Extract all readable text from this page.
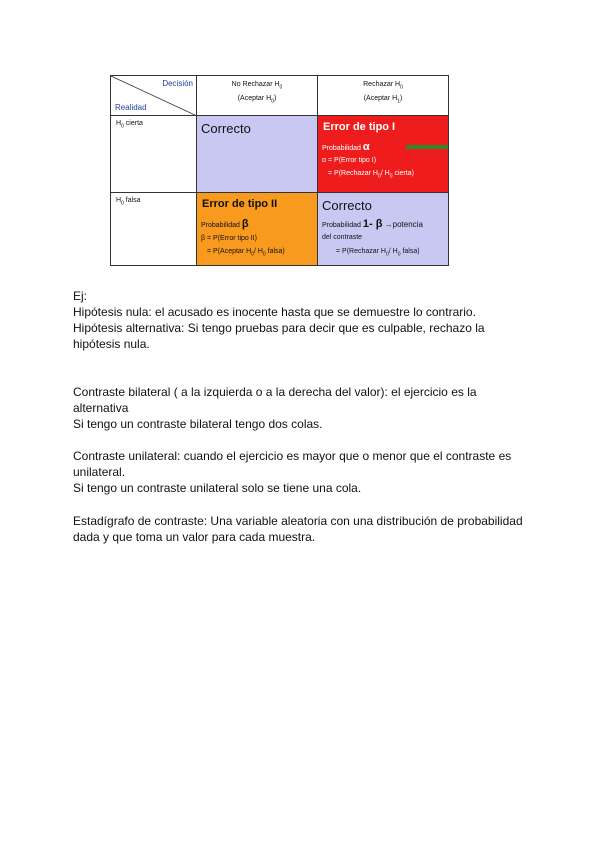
Decisión
Realidad
No Rechazar $H_0$
(Aceptar $H_0$)
Rechazar $H_0$
(Aceptar $H_1$)
$H_0$ cierta
$H_0$ falsa
Correcto	Error de tipo I
Probabilidad α
α = P(Error tipo I)
= P(Rechazar $H_0/$ $H_0$ cierta)
Error de tipo II
Probabilidad β
β = P(Error tipo II)
= P(Aceptar $H_0/$ $H_0$ falsa)
Correcto
Probabilidad 1- β →potencia
del contraste
= P(Rechazar $H_0/$ $H_0$ falsa)
Ej:
Hipótesis nula: el acusado es inocente hasta que se demuestre lo contrario.
Hipótesis alternativa: Si tengo pruebas para decir que es culpable, rechazo la
hipótesis nula.
Contraste bilateral ( a la izquierda o a la derecha del valor): el ejercicio es la
alternativa
Si tengo un contraste bilateral tengo dos colas.
Contraste unilateral: cuando el ejercicio es mayor que o menor que el contraste es
unilateral.
Si tengo un contraste unilateral solo se tiene una cola.
Estadígrafo de contraste: Una variable aleatoria con una distribución de probabilidad
dada y que toma un valor para cada muestra.
